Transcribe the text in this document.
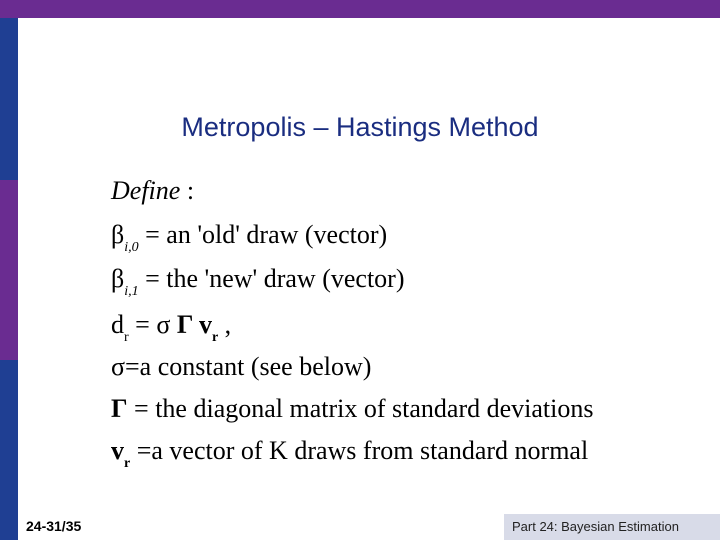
Metropolis – Hastings Method
Define :
$\beta_{i,0}$ = an 'old' draw (vector)
$\beta_{i,1}$ = the 'new' draw (vector)
$d_r = \sigma$ Γ $v_r$ ,
σ=a constant (see below)
Γ = the diagonal matrix of standard deviations
$v_r =a$ vector of K draws from standard normal
24-31/35	Part 24: Bayesian Estimation
